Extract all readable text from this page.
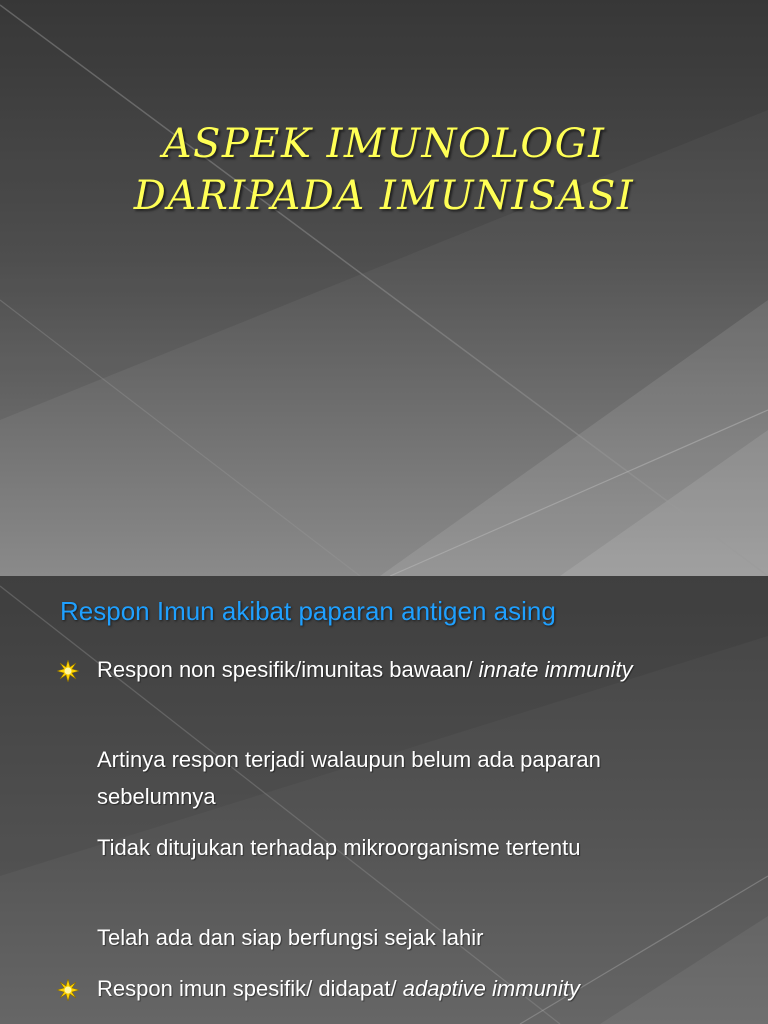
ASPEK IMUNOLOGI
DARIPADA IMUNISASI
Respon Imun akibat paparan antigen asing
Respon non spesifik/imunitas bawaan/ innate immunity
Artinya respon terjadi walaupun belum ada paparan sebelumnya
Tidak ditujukan terhadap mikroorganisme tertentu
Telah ada dan siap berfungsi sejak lahir
Respon imun spesifik/ didapat/ adaptive immunity
